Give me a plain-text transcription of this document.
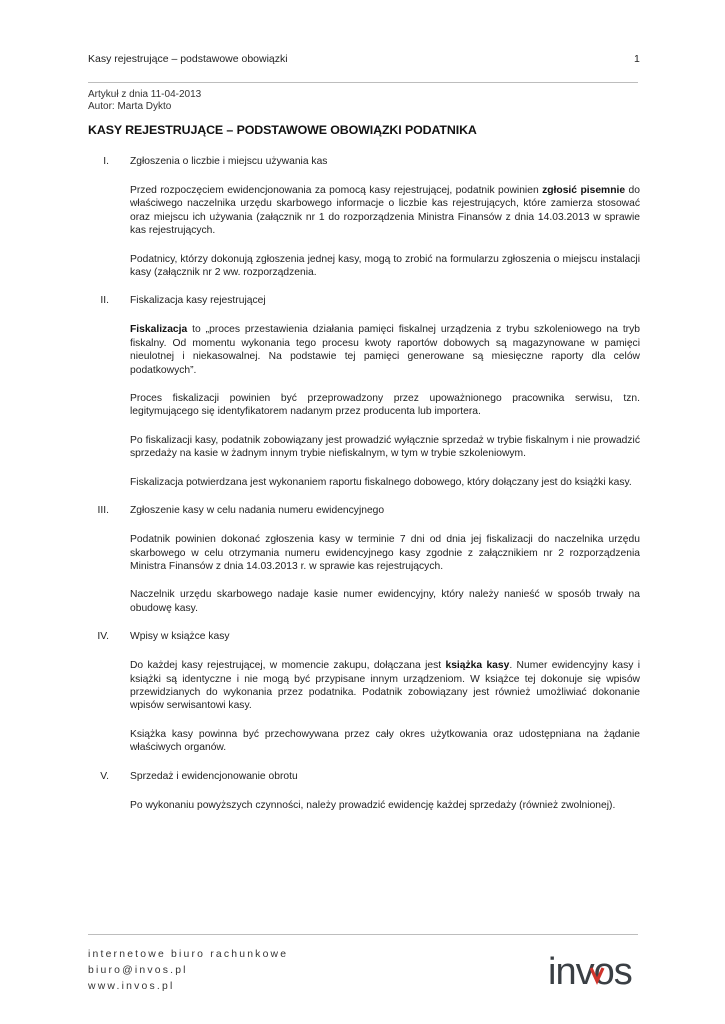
Kasy rejestrujące – podstawowe obowiązki	1
Artykuł z dnia 11-04-2013
Autor: Marta Dykto
KASY REJESTRUJĄCE – PODSTAWOWE OBOWIĄZKI PODATNIKA
I. Zgłoszenia o liczbie i miejscu używania kas

Przed rozpoczęciem ewidencjonowania za pomocą kasy rejestrującej, podatnik powinien zgłosić pisemnie do właściwego naczelnika urzędu skarbowego informacje o liczbie kas rejestrujących, które zamierza stosować oraz miejscu ich używania (załącznik nr 1 do rozporządzenia Ministra Finansów z dnia 14.03.2013 w sprawie kas rejestrujących.

Podatnicy, którzy dokonują zgłoszenia jednej kasy, mogą to zrobić na formularzu zgłoszenia o miejscu instalacji kasy (załącznik nr 2 ww. rozporządzenia.

II. Fiskalizacja kasy rejestrującej

Fiskalizacja to „proces przestawienia działania pamięci fiskalnej urządzenia z trybu szkoleniowego na tryb fiskalny. Od momentu wykonania tego procesu kwoty raportów dobowych są magazynowane w pamięci nieulotnej i niekasowalnej. Na podstawie tej pamięci generowane są miesięczne raporty dla celów podatkowych”.

Proces fiskalizacji powinien być przeprowadzony przez upoważnionego pracownika serwisu, tzn. legitymującego się identyfikatorem nadanym przez producenta lub importera.

Po fiskalizacji kasy, podatnik zobowiązany jest prowadzić wyłącznie sprzedaż w trybie fiskalnym i nie prowadzić sprzedaży na kasie w żadnym innym trybie niefiskalnym, w tym w trybie szkoleniowym.

Fiskalizacja potwierdzana jest wykonaniem raportu fiskalnego dobowego, który dołączany jest do książki kasy.

III. Zgłoszenie kasy w celu nadania numeru ewidencyjnego

Podatnik powinien dokonać zgłoszenia kasy w terminie 7 dni od dnia jej fiskalizacji do naczelnika urzędu skarbowego w celu otrzymania numeru ewidencyjnego kasy zgodnie z załącznikiem nr 2 rozporządzenia Ministra Finansów z dnia 14.03.2013 r. w sprawie kas rejestrujących.

Naczelnik urzędu skarbowego nadaje kasie numer ewidencyjny, który należy nanieść w sposób trwały na obudowę kasy.

IV. Wpisy w książce kasy

Do każdej kasy rejestrującej, w momencie zakupu, dołączana jest książka kasy. Numer ewidencyjny kasy i książki są identyczne i nie mogą być przypisane innym urządzeniom. W książce tej dokonuje się wpisów przewidzianych do wykonania przez podatnika. Podatnik zobowiązany jest również umożliwiać dokonanie wpisów serwisantowi kasy.

Książka kasy powinna być przechowywana przez cały okres użytkowania oraz udostępniana na żądanie właściwych organów.

V. Sprzedaż i ewidencjonowanie obrotu

Po wykonaniu powyższych czynności, należy prowadzić ewidencję każdej sprzedaży (również zwolnionej).

internetowe biuro rachunkowe
biuro@invos.pl
www.invos.pl	invos
